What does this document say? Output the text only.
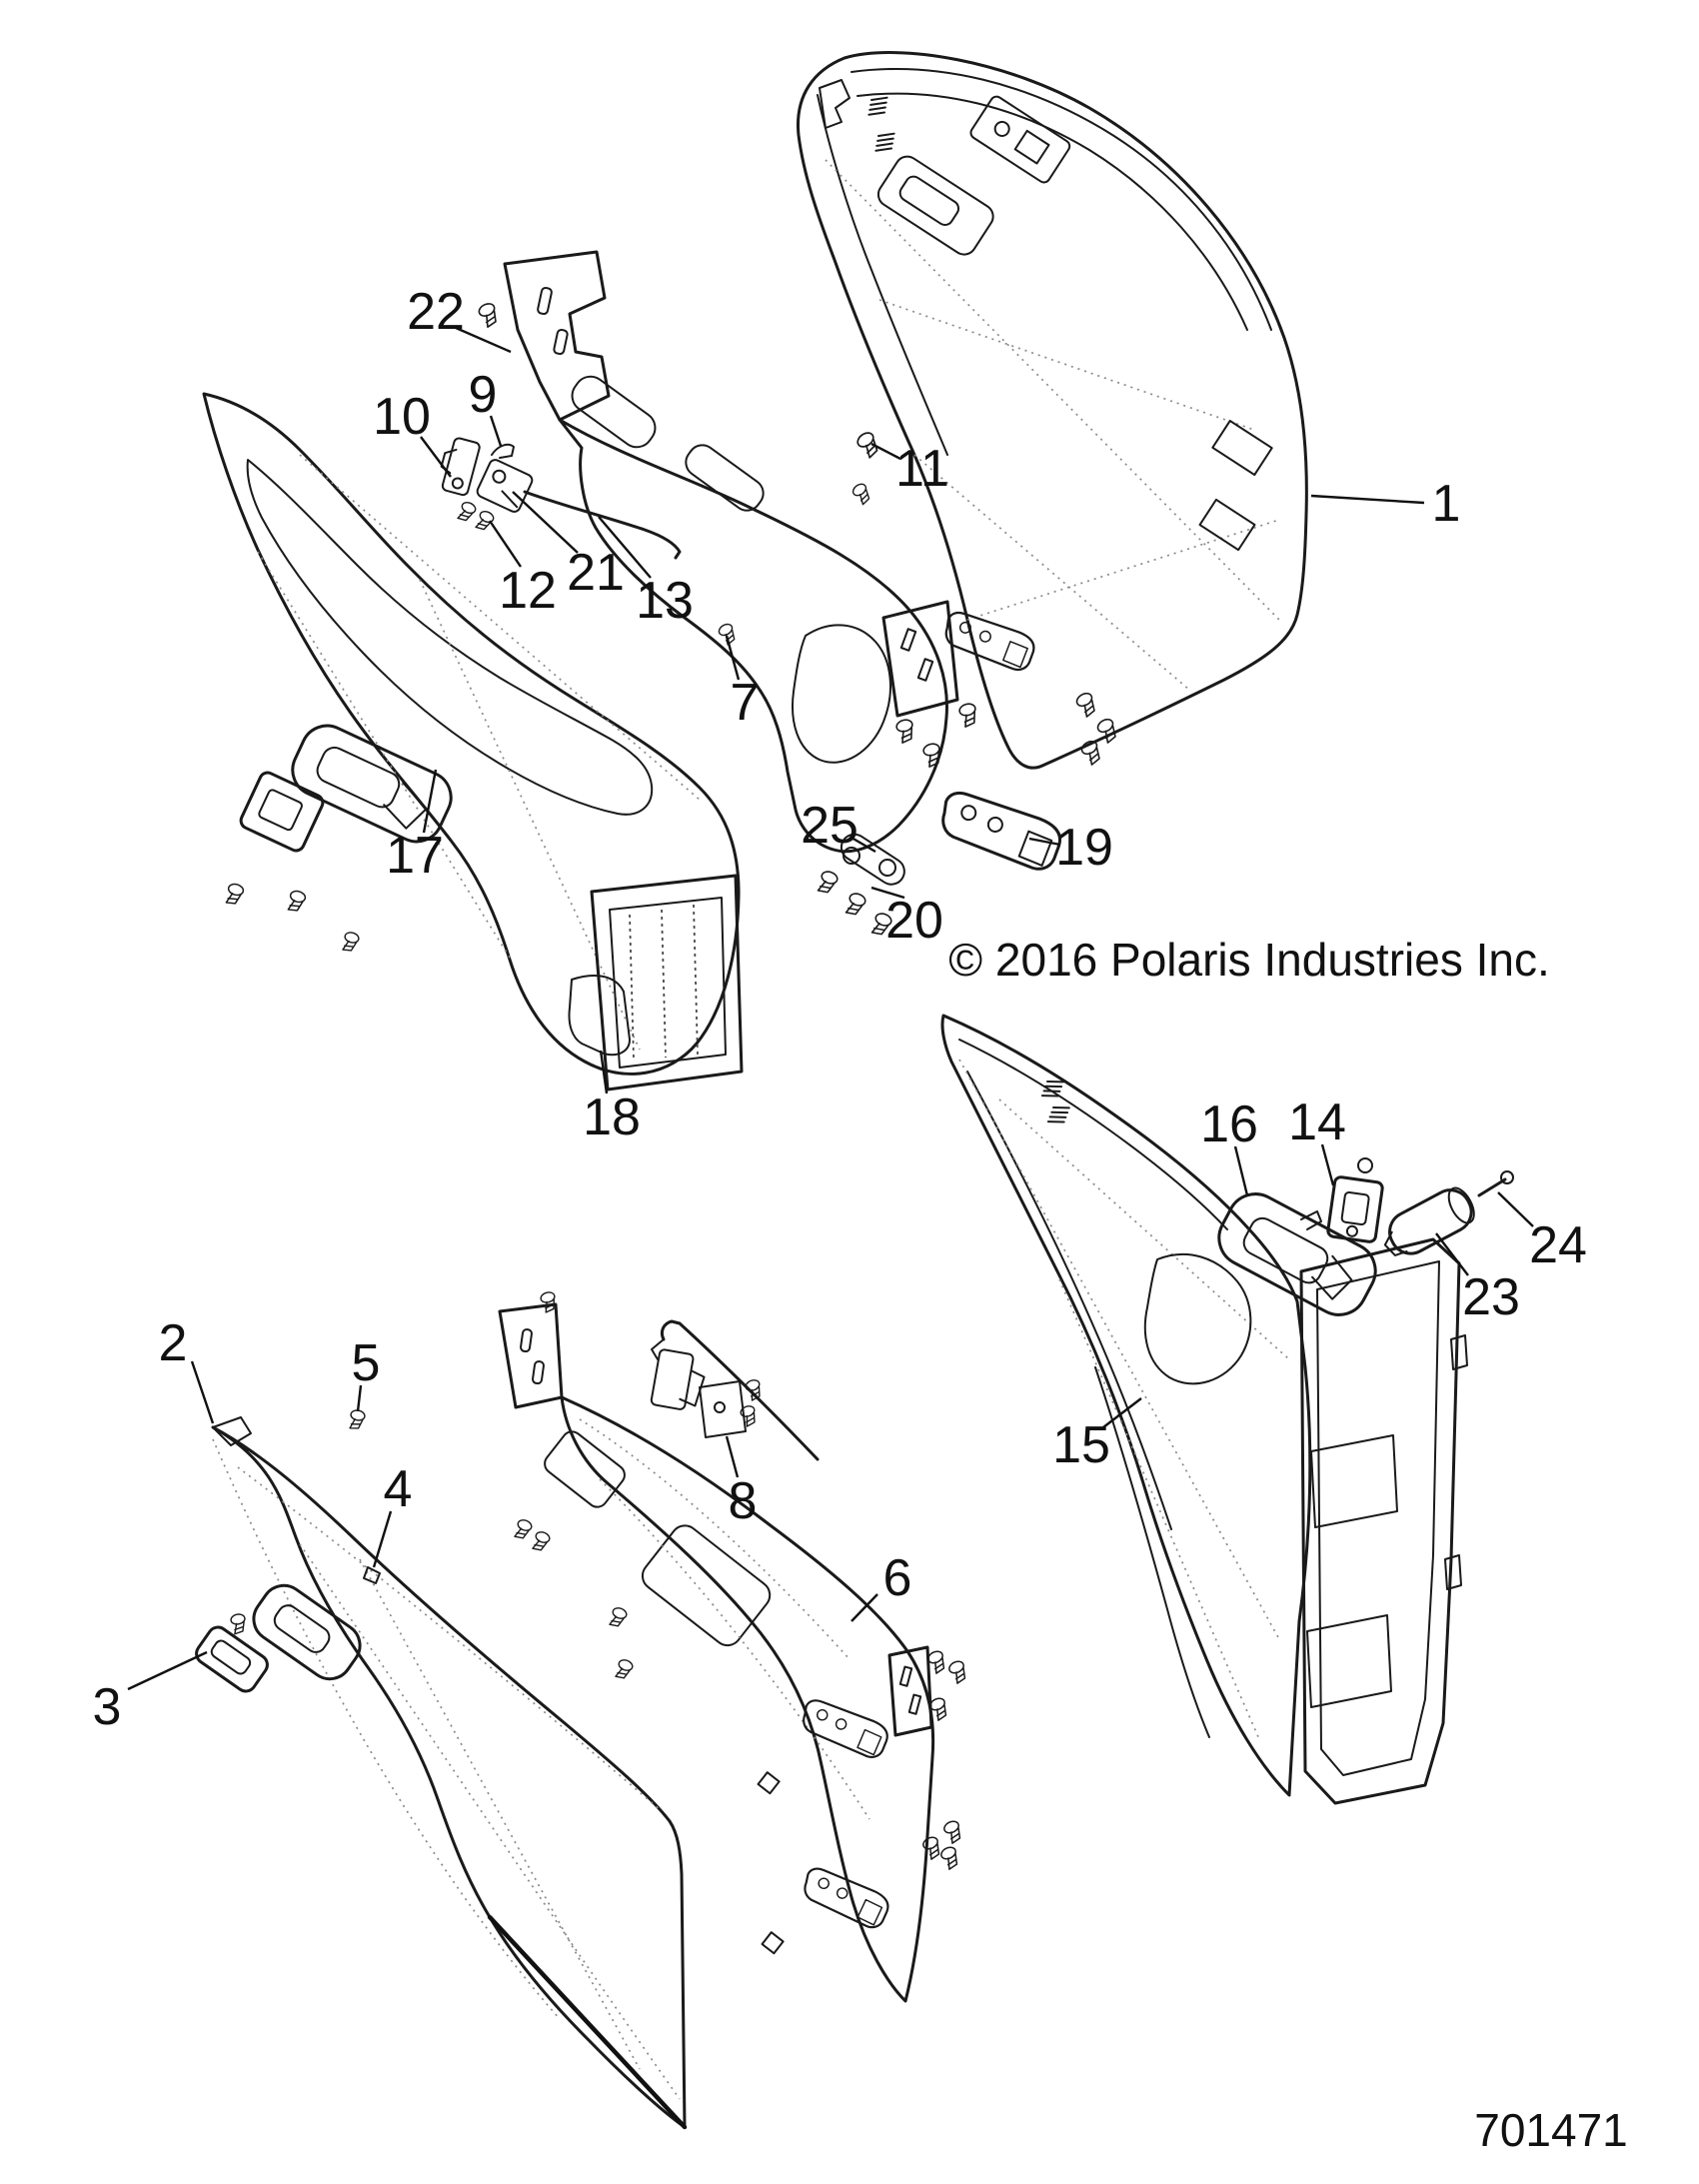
1
2
3
4
5
6
7
8
9
10
11
12 13
14
15
16
17
18
19
20
21
22
23
24
25
© 2016 Polaris Industries Inc.
701471
